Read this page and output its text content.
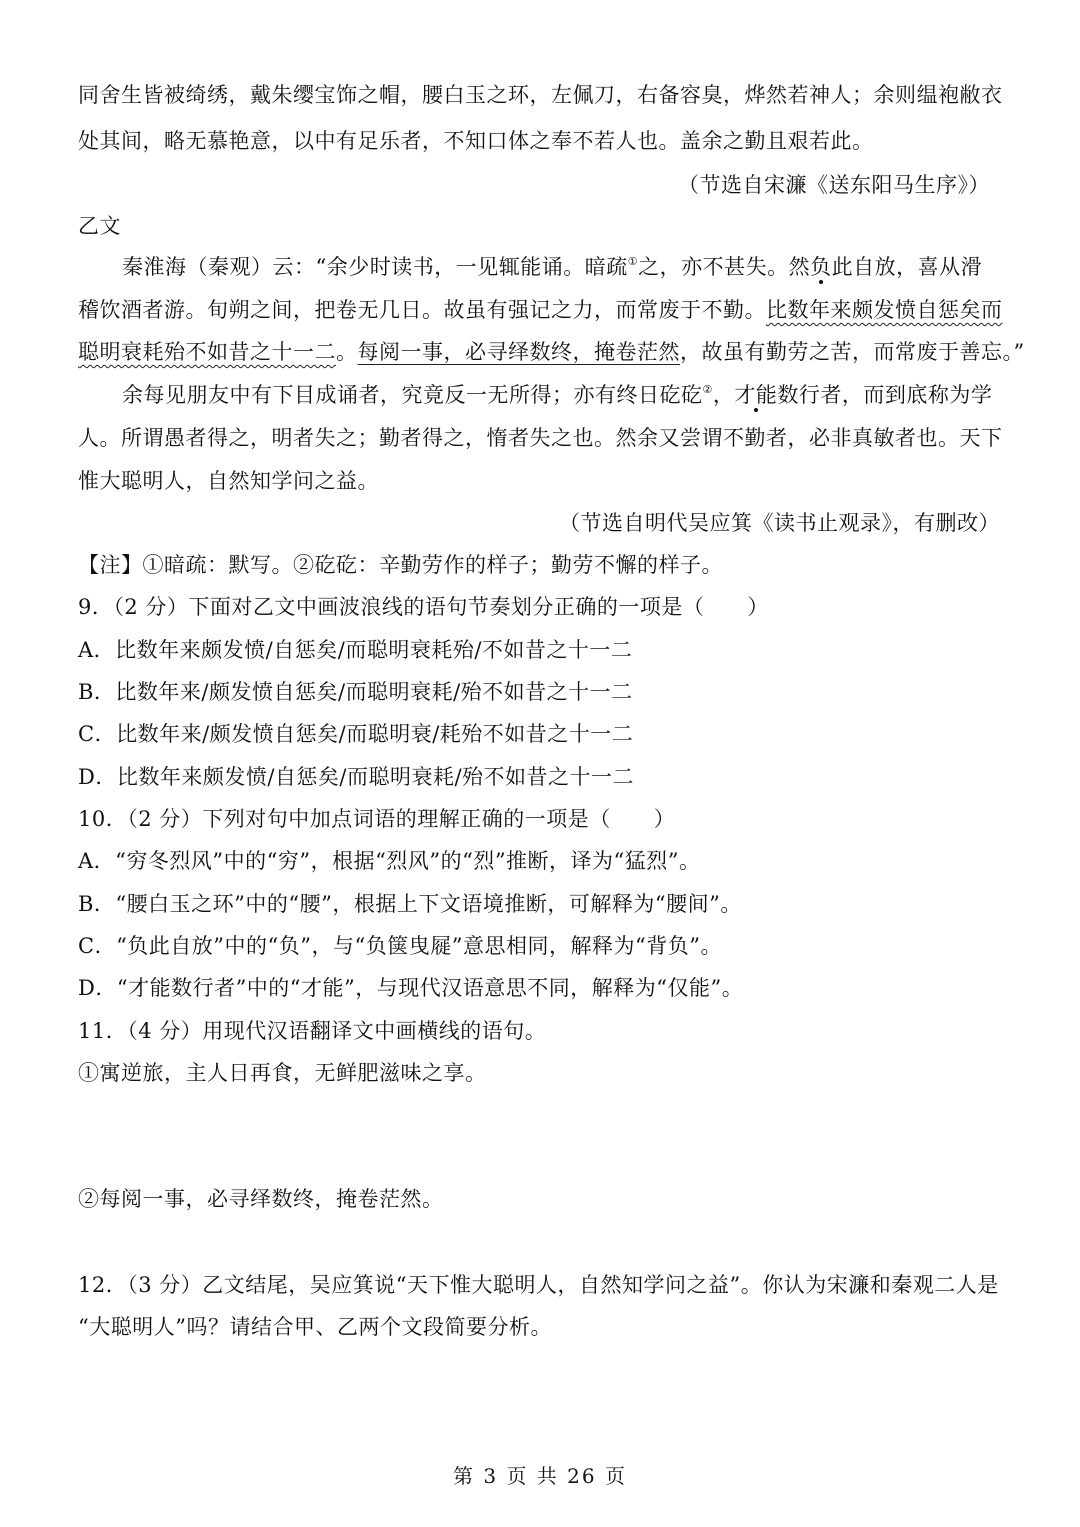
同舍生皆被绮绣，戴朱缨宝饰之帽，腰白玉之环，左佩刀，右备容臭，烨然若神人；余则缊袍敝衣
处其间，略无慕艳意，以中有足乐者，不知口体之奉不若人也。盖余之勤且艰若此。
（节选自宋濂《送东阳马生序》）
乙文
秦淮海（秦观）云：“余少时读书，一见辄能诵。暗疏①之，亦不甚失。然负此自放，喜从滑
稽饮酒者游。旬朔之间，把卷无几日。故虽有强记之力，而常废于不勤。比数年来颇发愤自惩矣而
聪明衰耗殆不如昔之十一二。每阅一事，必寻绎数终，掩卷茫然，故虽有勤劳之苦，而常废于善忘。”
余每见朋友中有下目成诵者，究竟反一无所得；亦有终日矻矻②，才能数行者，而到底称为学
人。所谓愚者得之，明者失之；勤者得之，惰者失之也。然余又尝谓不勤者，必非真敏者也。天下
惟大聪明人，自然知学问之益。
（节选自明代吴应箕《读书止观录》，有删改）
【注】①暗疏：默写。②矻矻：辛勤劳作的样子；勤劳不懈的样子。
9．（2 分）下面对乙文中画波浪线的语句节奏划分正确的一项是（　　）
A．比数年来颇发愤/自惩矣/而聪明衰耗殆/不如昔之十一二
B．比数年来/颇发愤自惩矣/而聪明衰耗/殆不如昔之十一二
C．比数年来/颇发愤自惩矣/而聪明衰/耗殆不如昔之十一二
D．比数年来颇发愤/自惩矣/而聪明衰耗/殆不如昔之十一二
10．（2 分）下列对句中加点词语的理解正确的一项是（　　）
A．“穷冬烈风”中的“穷”，根据“烈风”的“烈”推断，译为“猛烈”。
B．“腰白玉之环”中的“腰”，根据上下文语境推断，可解释为“腰间”。
C．“负此自放”中的“负”，与“负箧曳屣”意思相同，解释为“背负”。
D．“才能数行者”中的“才能”，与现代汉语意思不同，解释为“仅能”。
11．（4 分）用现代汉语翻译文中画横线的语句。
①寓逆旅，主人日再食，无鲜肥滋味之享。
②每阅一事，必寻绎数终，掩卷茫然。
12．（3 分）乙文结尾，吴应箕说“天下惟大聪明人，自然知学问之益”。你认为宋濂和秦观二人是
“大聪明人”吗？请结合甲、乙两个文段简要分析。
第 3 页 共 26 页
